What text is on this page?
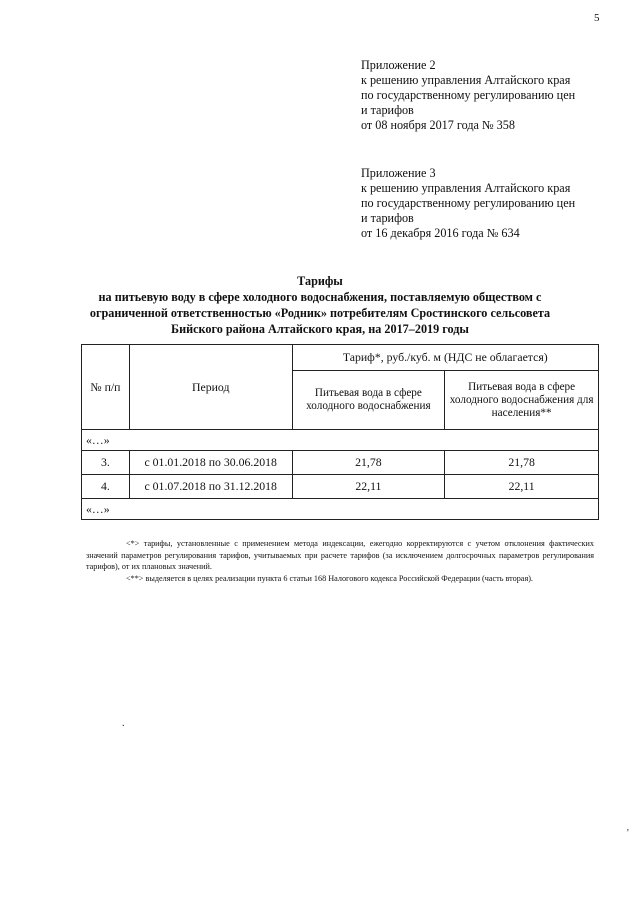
5
Приложение 2
к решению управления Алтайского края
по государственному регулированию цен
и тарифов
от 08 ноября 2017 года № 358
Приложение 3
к решению управления Алтайского края
по государственному регулированию цен
и тарифов
от 16 декабря 2016 года № 634
Тарифы
на питьевую воду в сфере холодного водоснабжения, поставляемую обществом с
ограниченной ответственностью «Родник» потребителям Сростинского сельсовета
Бийского района Алтайского края, на 2017–2019 годы
№ п/п	Период	Тариф*, руб./куб. м (НДС не облагается)	
		Питьевая вода в сфере холодного водоснабжения	Питьевая вода в сфере холодного водоснабжения для населения**
«…»			
3.	с 01.01.2018 по 30.06.2018	21,78	21,78
4.	с 01.07.2018 по 31.12.2018	22,11	22,11
«…»			

<*> тарифы, установленные с применением метода индексации, ежегодно корректируются с учетом отклонения фактических значений параметров регулирования тарифов, учитываемых при расчете тарифов (за исключением долгосрочных параметров регулирования тарифов), от их плановых значений.

<**> выделяется в целях реализации пункта 6 статьи 168 Налогового кодекса Российской Федерации (часть вторая).

.
'
